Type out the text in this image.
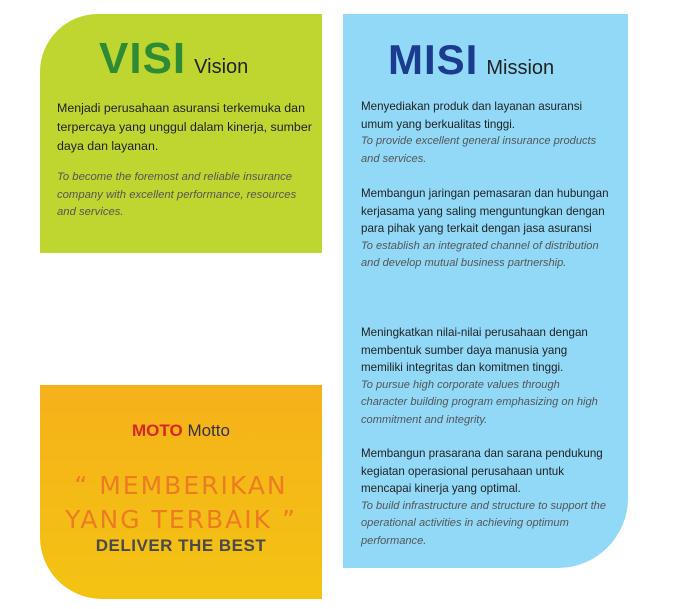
VISI Vision
Menjadi perusahaan asuransi terkemuka dan terpercaya yang unggul dalam kinerja, sumber daya dan layanan.
To become the foremost and reliable insurance company with excellent performance, resources and services.
MISI Mission
Menyediakan produk dan layanan asuransi umum yang berkualitas tinggi.
To provide excellent general insurance products and services.
Membangun jaringan pemasaran dan hubungan kerjasama yang saling menguntungkan dengan para pihak yang terkait dengan jasa asuransi
To establish an integrated channel of distribution and develop mutual business partnership.
Meningkatkan nilai-nilai perusahaan dengan membentuk sumber daya manusia yang memiliki integritas dan komitmen tinggi.
To pursue high corporate values through character building program emphasizing on high commitment and integrity.
Membangun prasarana dan sarana pendukung kegiatan operasional perusahaan untuk mencapai kinerja yang optimal.
To build infrastructure and structure to support the operational activities in achieving optimum performance.
MOTO Motto
“ MEMBERIKAN
YANG TERBAIK ”
DELIVER THE BEST
